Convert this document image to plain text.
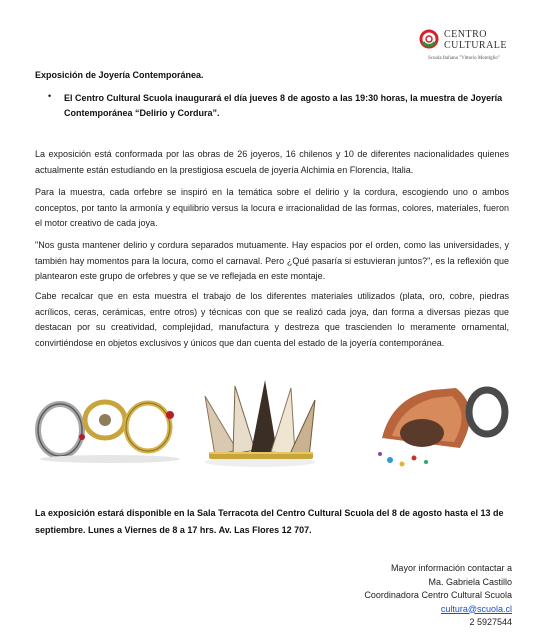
CENTRO
CULTURALE
Scuola Italiana "Vittorio Montiglio"
Exposición de Joyería Contemporánea.
• El Centro Cultural Scuola inaugurará el día jueves 8 de agosto a las 19:30 horas, la muestra de Joyería Contemporánea “Delirio y Cordura”.
La exposición está conformada por las obras de 26 joyeros, 16 chilenos y 10 de diferentes nacionalidades quienes actualmente están estudiando en la prestigiosa escuela de joyería Alchimia en Florencia, Italia.
Para la muestra, cada orfebre se inspiró en la temática sobre el delirio y la cordura, escogiendo uno o ambos conceptos, por tanto la armonía y equilibrio versus la locura e irracionalidad de las formas, colores, materiales, fueron el motor creativo de cada joya.
"Nos gusta mantener delirio y cordura separados mutuamente. Hay espacios por el orden, como las universidades, y también hay momentos para la locura, como el carnaval. Pero ¿Qué pasaría si estuvieran juntos?", es la reflexión que plantearon este grupo de orfebres y que se ve reflejada en este montaje.
Cabe recalcar que en esta muestra el trabajo de los diferentes materiales utilizados (plata, oro, cobre, piedras acrílicos, ceras, cerámicas, entre otros) y técnicas con que se realizó cada joya, dan forma a diversas piezas que destacan por su creatividad, complejidad, manufactura y destreza que trascienden lo meramente ornamental, convirtiéndose en objetos exclusivos y únicos que dan cuenta del estado de la joyería contemporánea.
La exposición estará disponible en la Sala Terracota del Centro Cultural Scuola del 8 de agosto hasta el 13 de septiembre. Lunes a Viernes de 8 a 17 hrs. Av. Las Flores 12 707.
Mayor información contactar a
Ma. Gabriela Castillo
Coordinadora Centro Cultural Scuola
cultura@scuola.cl
2 5927544
